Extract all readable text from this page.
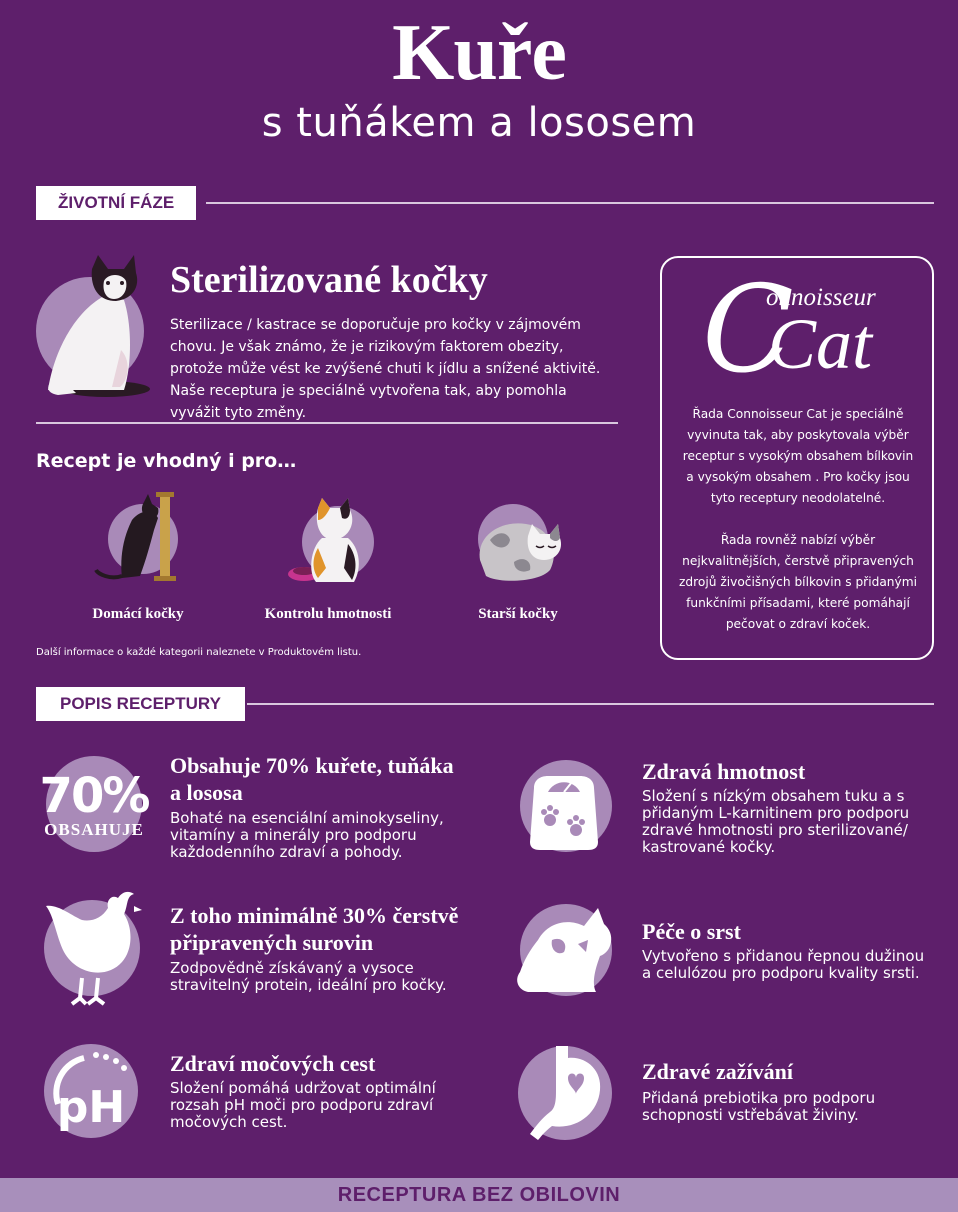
Kuře
s tuňákem a lososem
ŽIVOTNÍ FÁZE
Sterilizované kočky
Sterilizace / kastrace se doporučuje pro kočky v zájmovém chovu. Je však známo, že je rizikovým faktorem obezity, protože může vést ke zvýšené chuti k jídlu a snížené aktivitě. Naše receptura je speciálně vytvořena tak, aby pomohla vyvážit tyto změny.
Recept je vhodný i pro…
Domácí kočky	Kontrolu hmotnosti	Starší kočky
Další informace o každé kategorii naleznete v Produktovém listu.
C
onnoisseur
Cat
Řada Connoisseur Cat je speciálně vyvinuta tak, aby poskytovala výběr receptur s vysokým obsahem bílkovin a vysokým obsahem . Pro kočky jsou tyto receptury neodolatelné.
Řada rovněž nabízí výběr nejkvalitnějších, čerstvě připravených zdrojů živočišných bílkovin s přidanými funkčními přísadami, které pomáhají pečovat o zdraví koček.
POPIS RECEPTURY
70%
OBSAHUJE
Obsahuje 70% kuřete, tuňáka a lososa
Bohaté na esenciální aminokyseliny, vitamíny a minerály pro podporu každodenního zdraví a pohody.
Zdravá hmotnost
Složení s nízkým obsahem tuku a s přidaným L-karnitinem pro podporu zdravé hmotnosti pro sterilizované/ kastrované kočky.
Z toho minimálně 30% čerstvě připravených surovin
Zodpovědně získávaný a vysoce stravitelný protein, ideální pro kočky.
Péče o srst
Vytvořeno s přidanou řepnou dužinou a celulózou pro podporu kvality srsti.
pH
Zdraví močových cest
Složení pomáhá udržovat optimální rozsah pH moči pro podporu zdraví močových cest.
Zdravé zažívání
Přidaná prebiotika pro podporu schopnosti vstřebávat živiny.
RECEPTURA BEZ OBILOVIN
